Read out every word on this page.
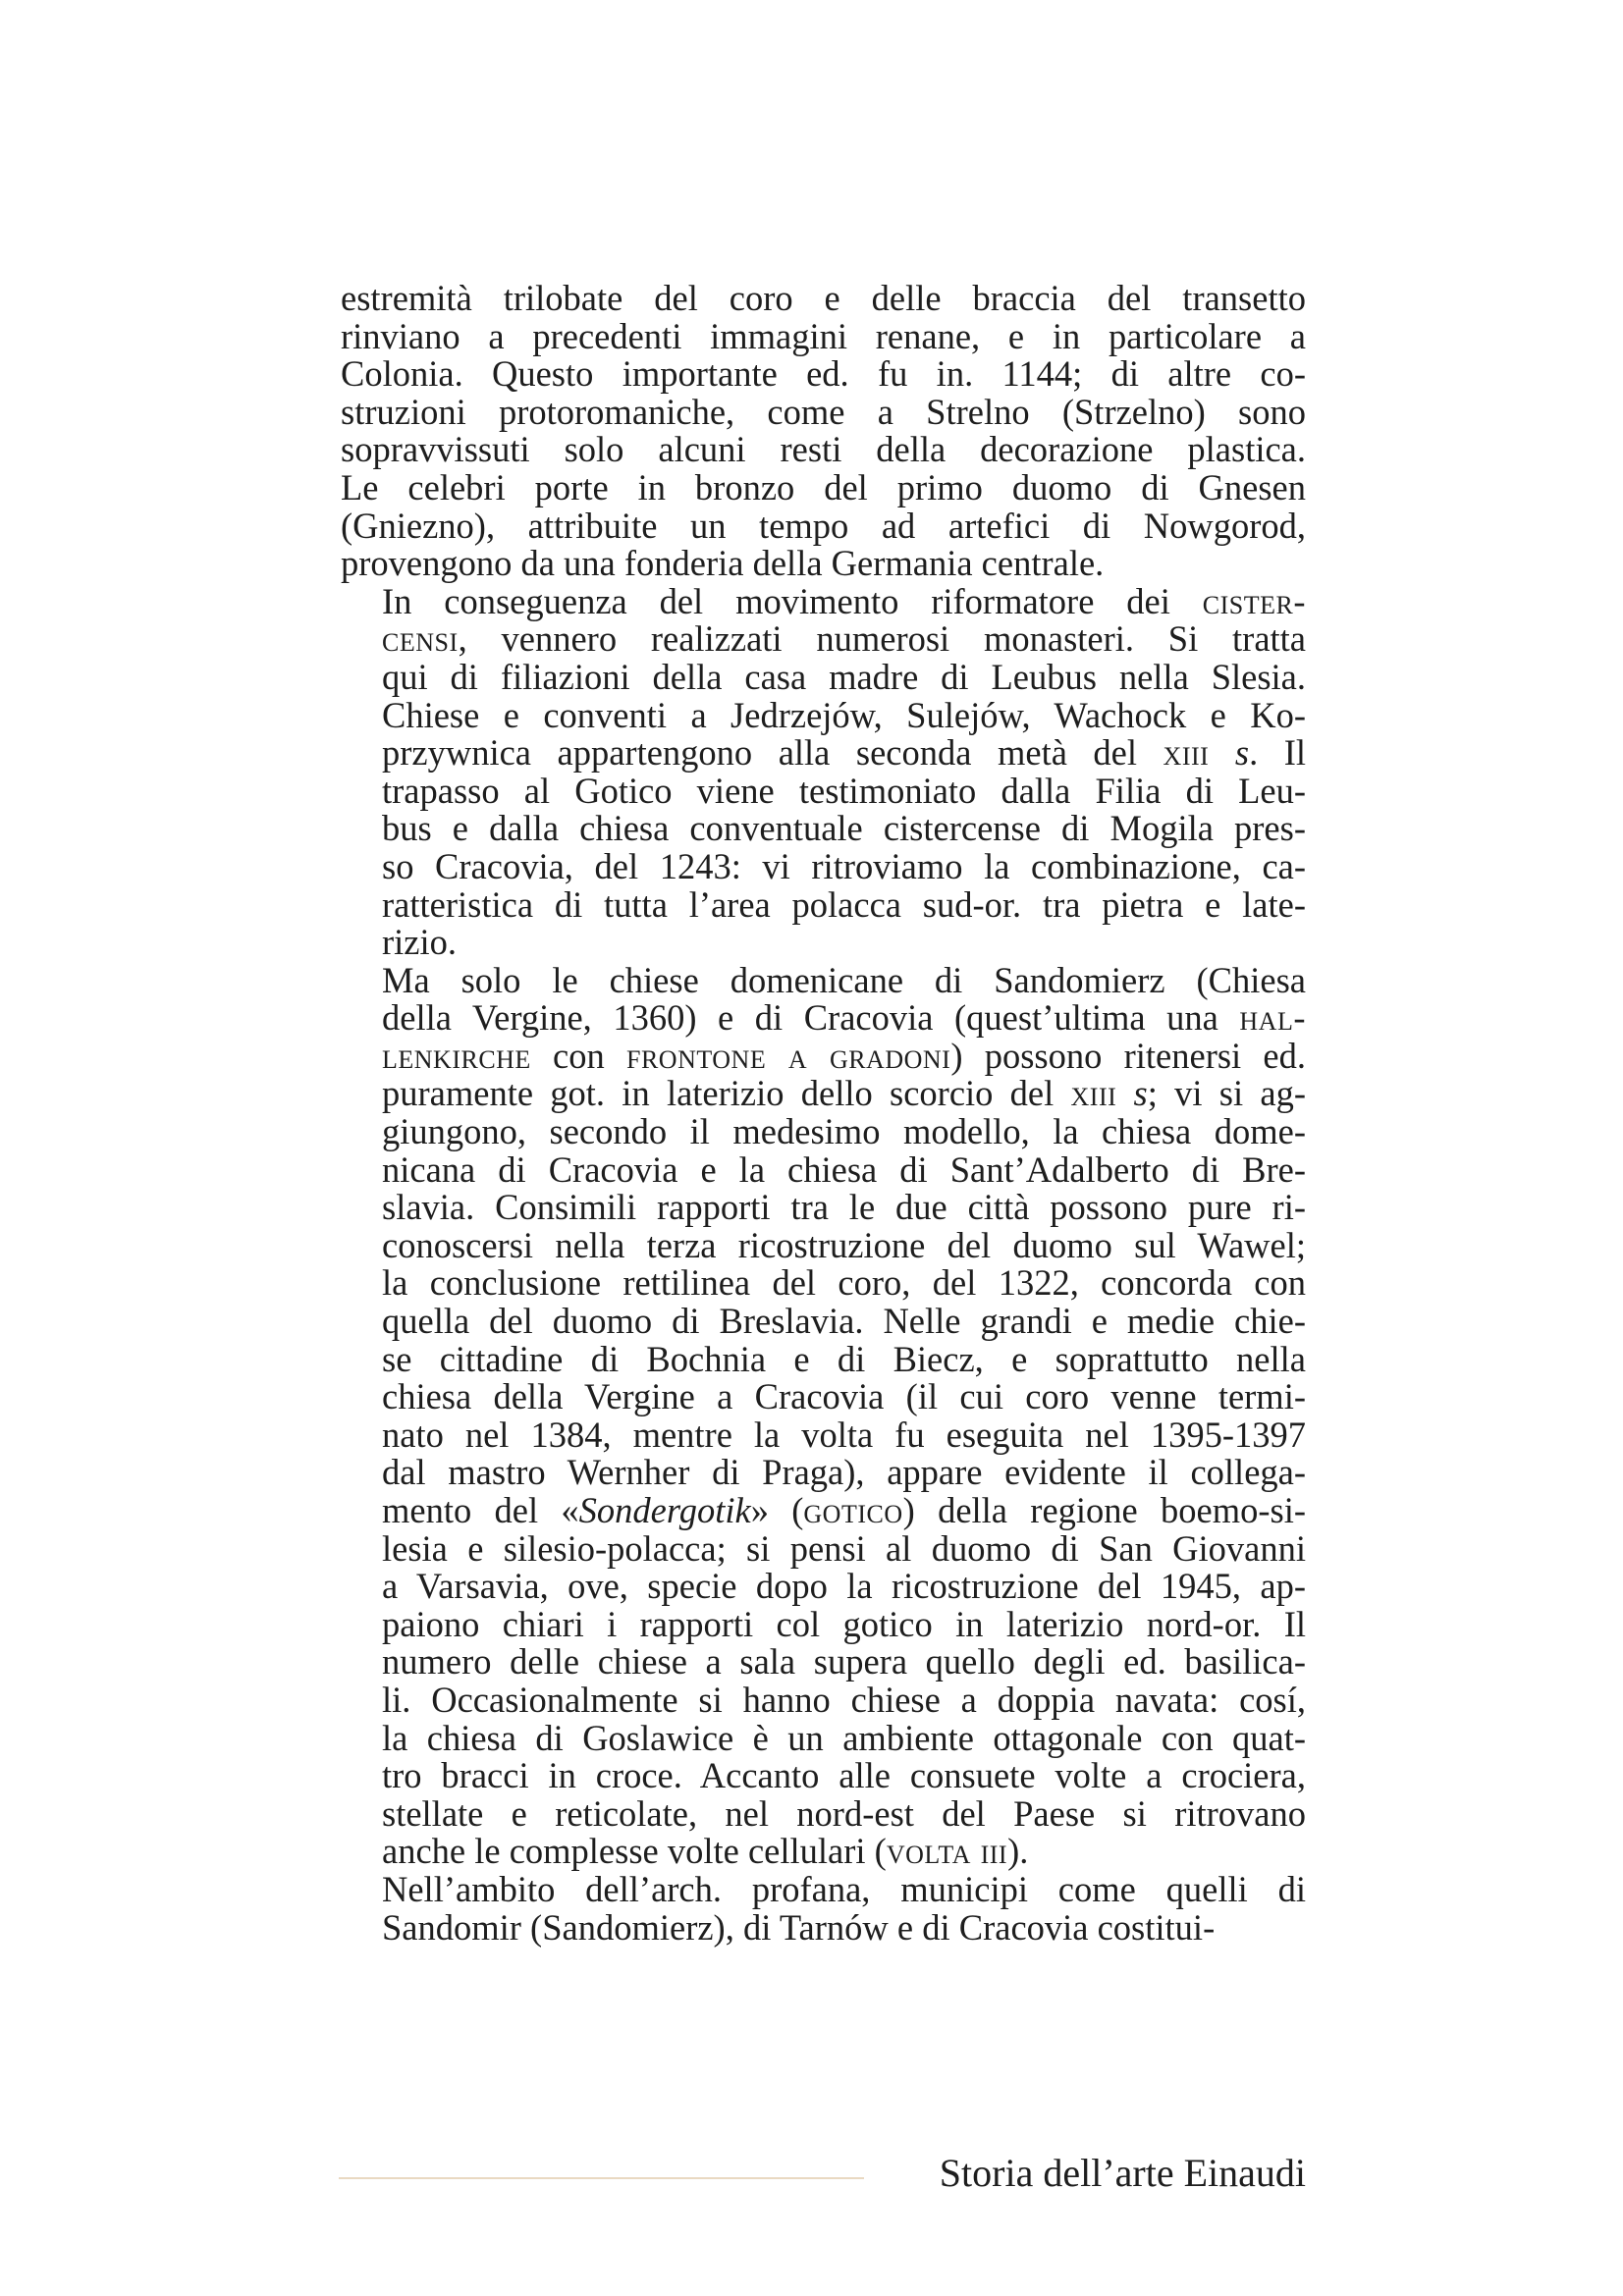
estremità trilobate del coro e delle braccia del transetto
rinviano a precedenti immagini renane, e in particolare a
Colonia. Questo importante ed. fu in. 1144; di altre co-
struzioni protoromaniche, come a Strelno (Strzelno) sono
sopravvissuti solo alcuni resti della decorazione plastica.
Le celebri porte in bronzo del primo duomo di Gnesen
(Gniezno), attribuite un tempo ad artefici di Nowgorod,
provengono da una fonderia della Germania centrale.
In conseguenza del movimento riformatore dei cister-
censi, vennero realizzati numerosi monasteri. Si tratta
qui di filiazioni della casa madre di Leubus nella Slesia.
Chiese e conventi a Jedrzejów, Sulejów, Wachock e Ko-
przywnica appartengono alla seconda metà del xiii s. Il
trapasso al Gotico viene testimoniato dalla Filia di Leu-
bus e dalla chiesa conventuale cistercense di Mogila pres-
so Cracovia, del 1243: vi ritroviamo la combinazione, ca-
ratteristica di tutta l’area polacca sud-or. tra pietra e late-
rizio.
Ma solo le chiese domenicane di Sandomierz (Chiesa
della Vergine, 1360) e di Cracovia (quest’ultima una hal-
lenkirche con frontone a gradoni) possono ritenersi ed.
puramente got. in laterizio dello scorcio del xiii s; vi si ag-
giungono, secondo il medesimo modello, la chiesa dome-
nicana di Cracovia e la chiesa di Sant’Adalberto di Bre-
slavia. Consimili rapporti tra le due città possono pure ri-
conoscersi nella terza ricostruzione del duomo sul Wawel;
la conclusione rettilinea del coro, del 1322, concorda con
quella del duomo di Breslavia. Nelle grandi e medie chie-
se cittadine di Bochnia e di Biecz, e soprattutto nella
chiesa della Vergine a Cracovia (il cui coro venne termi-
nato nel 1384, mentre la volta fu eseguita nel 1395-1397
dal mastro Wernher di Praga), appare evidente il collega-
mento del «Sondergotik» (gotico) della regione boemo-si-
lesia e silesio-polacca; si pensi al duomo di San Giovanni
a Varsavia, ove, specie dopo la ricostruzione del 1945, ap-
paiono chiari i rapporti col gotico in laterizio nord-or. Il
numero delle chiese a sala supera quello degli ed. basilica-
li. Occasionalmente si hanno chiese a doppia navata: cosí,
la chiesa di Goslawice è un ambiente ottagonale con quat-
tro bracci in croce. Accanto alle consuete volte a crociera,
stellate e reticolate, nel nord-est del Paese si ritrovano
anche le complesse volte cellulari (volta iii).
Nell’ambito dell’arch. profana, municipi come quelli di
Sandomir (Sandomierz), di Tarnów e di Cracovia costitui-
Storia dell’arte Einaudi
